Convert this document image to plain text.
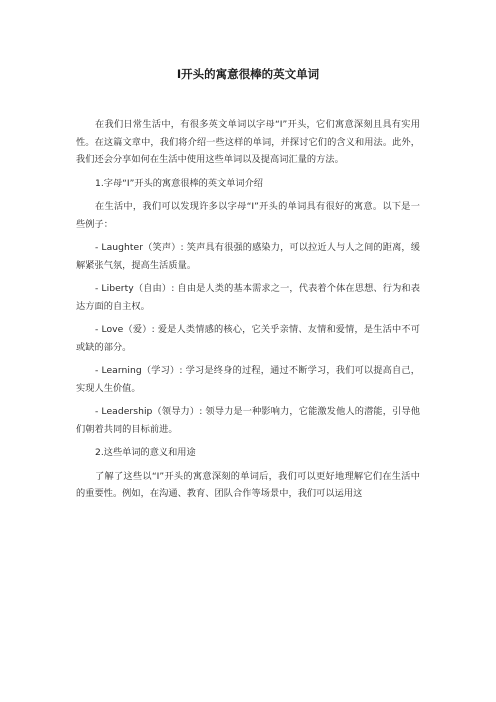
I开头的寓意很棒的英文单词

在我们日常生活中，有很多英文单词以字母“I”开头，它们寓意深刻且具有实用性。在这篇文章中，我们将介绍一些这样的单词，并探讨它们的含义和用法。此外，我们还会分享如何在生活中使用这些单词以及提高词汇量的方法。

1.字母“I”开头的寓意很棒的英文单词介绍

在生活中，我们可以发现许多以字母“I”开头的单词具有很好的寓意。以下是一些例子：

- Laughter（笑声）: 笑声具有很强的感染力，可以拉近人与人之间的距离，缓解紧张气氛，提高生活质量。

- Liberty（自由）: 自由是人类的基本需求之一，代表着个体在思想、行为和表达方面的自主权。

- Love（爱）: 爱是人类情感的核心，它关乎亲情、友情和爱情，是生活中不可或缺的部分。

- Learning（学习）: 学习是终身的过程，通过不断学习，我们可以提高自己，实现人生价值。

- Leadership（领导力）: 领导力是一种影响力，它能激发他人的潜能，引导他们朝着共同的目标前进。

2.这些单词的意义和用途

了解了这些以“I”开头的寓意深刻的单词后，我们可以更好地理解它们在生活中的重要性。例如，在沟通、教育、团队合作等场景中，我们可以运用这
